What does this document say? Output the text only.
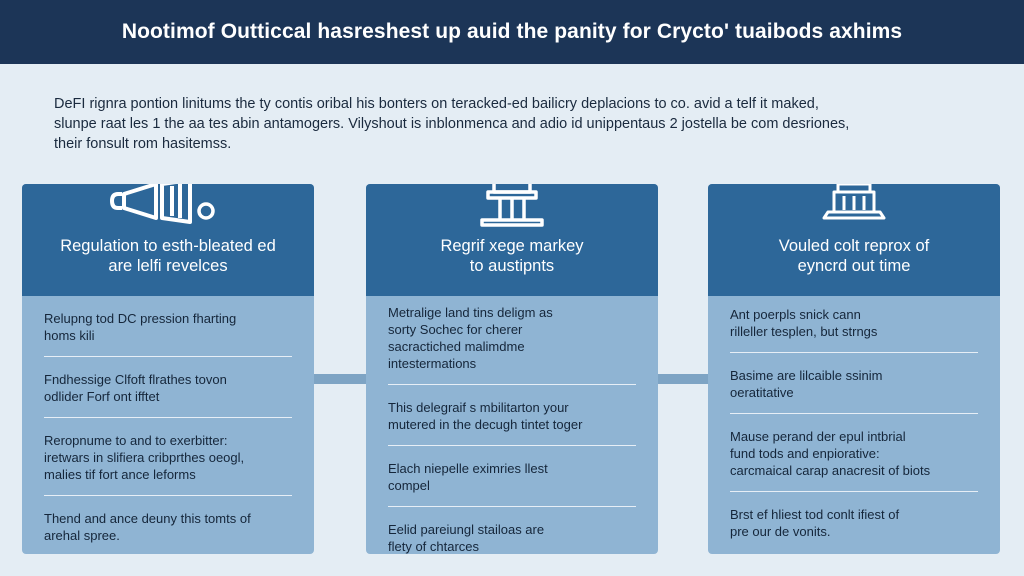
Nootimof Outticcal hasreshest up auid the panity for Crycto' tuaibods axhims
DeFI rignra pontion linitums the ty contis oribal his bonters on teracked-ed bailicry deplacions to co. avid a telf it maked,
slunpe raat les 1 the aa tes abin antamogers. Vilyshout is inblonmenca and adio id unippentaus 2 jostella be com desriones,
their fonsult rom hasitemss.
Regulation to esth-bleated ed
are lelfi revelces
Relupng tod DC pression fharting
homs kili
Fndhessige Clfoft flrathes tovon
odlider Forf ont ifftet
Reropnume to and to exerbitter:
iretwars in slifiera cribprthes oeogl,
malies tif fort ance leforms
Thend and ance deuny this tomts of
arehal spree.
Regrif xege markey
to austipnts
Metralige land tins deligm as
sorty Sochec for cherer
sacractiched malimdme
intestermations
This delegraif s mbilitarton your
mutered in the decugh tintet toger
Elach niepelle eximries llest
compel
Eelid pareiungl stailoas are
flety of chtarces
Vouled colt reprox of
eyncrd out time
Ant poerpls snick cann
rilleller tesplen, but strngs
Basime are lilcaible ssinim
oeratitative
Mause perand der epul intbrial
fund tods and enpiorative:
carcmaical carap anacresit of biots
Brst ef hliest tod conlt ifiest of
pre our de vonits.
